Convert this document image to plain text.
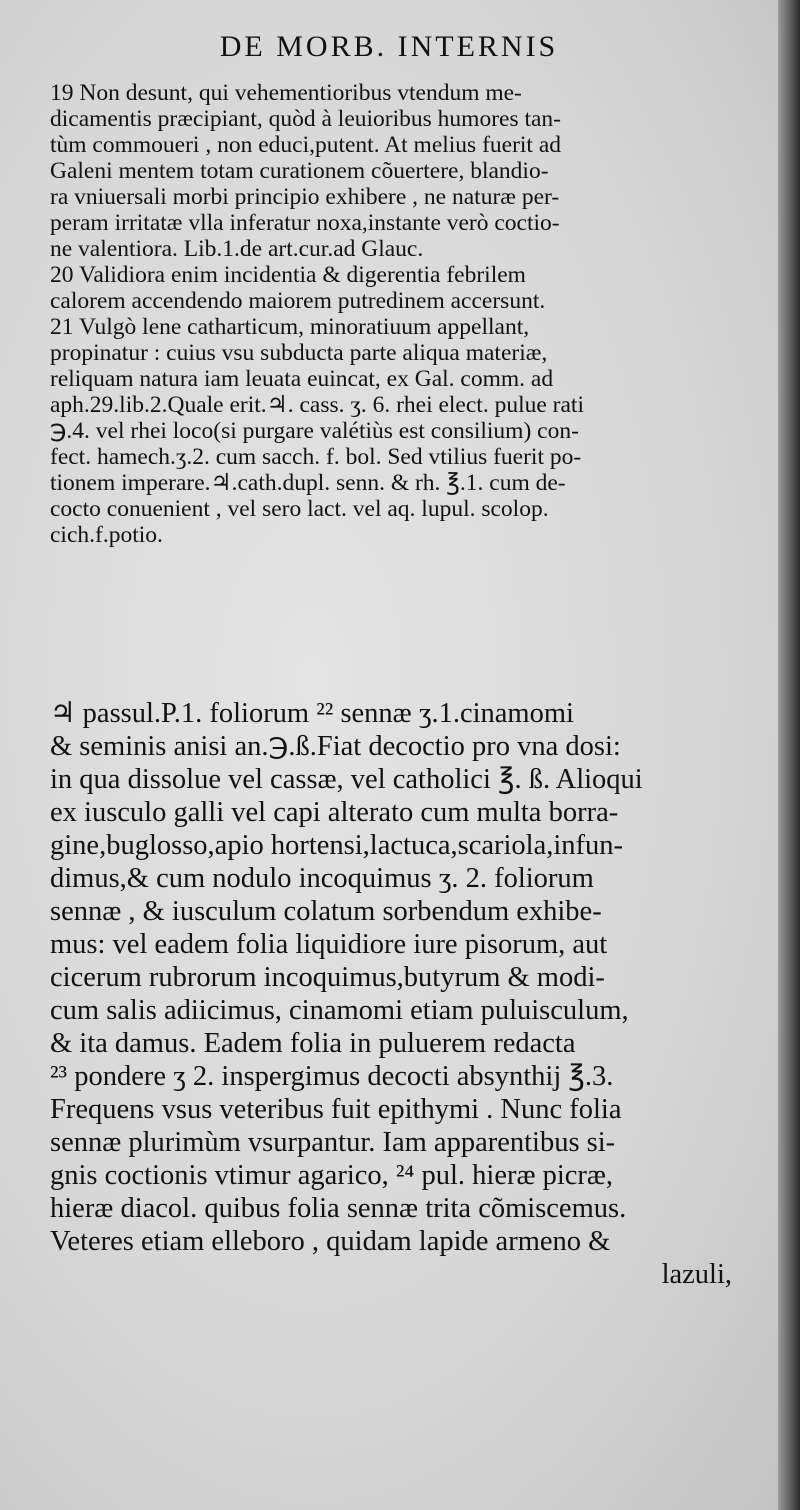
DE MORB. INTERNIS
19 Non desunt, qui vehementioribus vtendum me-
dicamentis præcipiant, quòd à leuioribus humores tan-
tùm commoueri , non educi,putent. At melius fuerit ad
Galeni mentem totam curationem cõuertere, blandio-
ra vniuersali morbi principio exhibere , ne naturæ per-
peram irritatæ vlla inferatur noxa,instante verò coctio-
ne valentiora. Lib.1.de art.cur.ad Glauc.
20 Validiora enim incidentia & digerentia febrilem
calorem accendendo maiorem putredinem accersunt.
21 Vulgò lene catharticum, minoratiuum appellant,
propinatur : cuius vsu subducta parte aliqua materiæ,
reliquam natura iam leuata euincat, ex Gal. comm. ad
aph.29.lib.2.Quale erit.♃. cass. ʒ. 6. rhei elect. pulue rati
℈.4. vel rhei loco(si purgare valétiùs est consilium) con-
fect. hamech.ʒ.2. cum sacch. f. bol. Sed vtilius fuerit po-
tionem imperare.♃.cath.dupl. senn. & rh. ℥.1. cum de-
cocto conuenient , vel sero lact. vel aq. lupul. scolop.
cich.f.potio.
♃ passul.P.1. foliorum ²² sennæ ʒ.1.cinamomi
& seminis anisi an.℈.ß.Fiat decoctio pro vna dosi:
in qua dissolue vel cassæ, vel catholici ℥. ß. Alioqui
ex iusculo galli vel capi alterato cum multa borra-
gine,buglosso,apio hortensi,lactuca,scariola,infun-
dimus,& cum nodulo incoquimus ʒ. 2. foliorum
sennæ , & iusculum colatum sorbendum exhibe-
mus: vel eadem folia liquidiore iure pisorum, aut
cicerum rubrorum incoquimus,butyrum & modi-
cum salis adiicimus, cinamomi etiam puluisculum,
& ita damus. Eadem folia in puluerem redacta
²³ pondere ʒ 2. inspergimus decocti absynthij ℥.3.
Frequens vsus veteribus fuit epithymi . Nunc folia
sennæ plurimùm vsurpantur. Iam apparentibus si-
gnis coctionis vtimur agarico, ²⁴ pul. hieræ picræ,
hieræ diacol. quibus folia sennæ trita cõmiscemus.
Veteres etiam elleboro , quidam lapide armeno &
lazuli,
